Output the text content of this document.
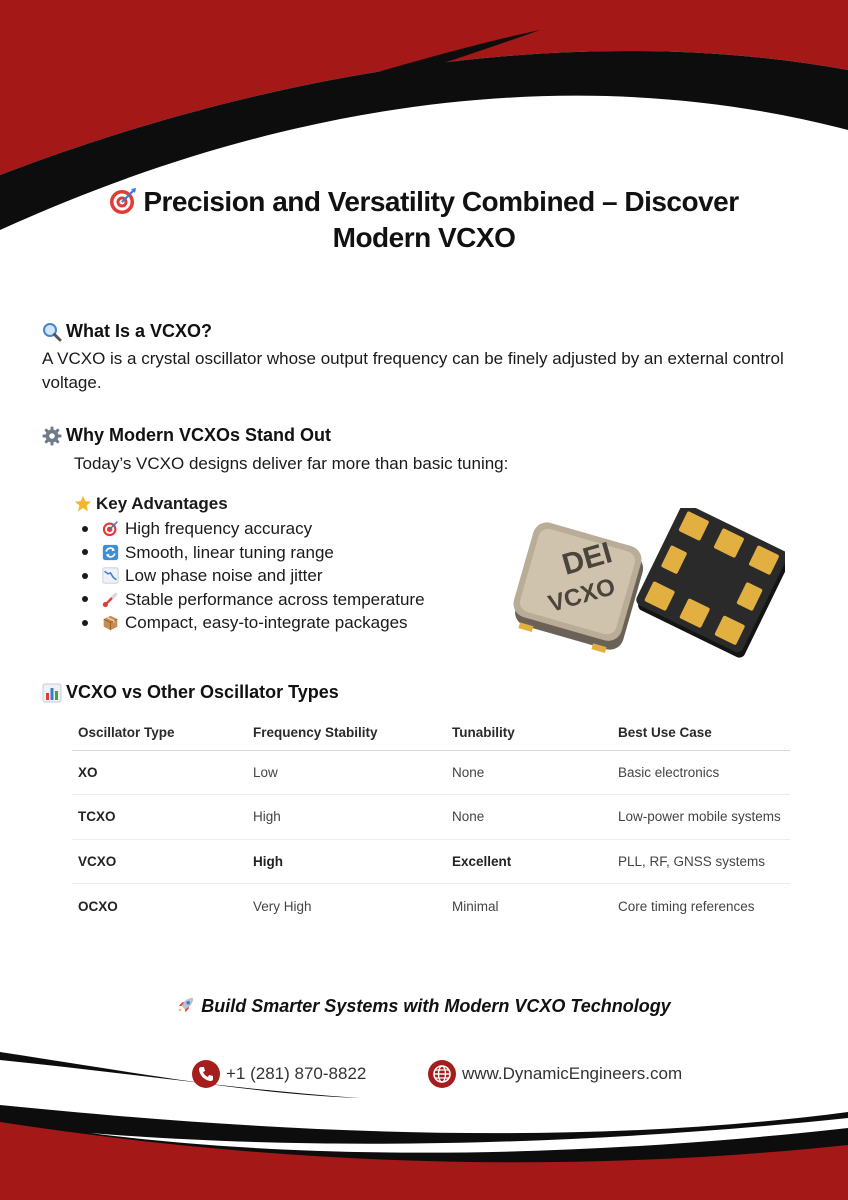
Precision and Versatility Combined – Discover Modern VCXO
What Is a VCXO?

A VCXO is a crystal oscillator whose output frequency can be finely adjusted by an external control voltage.

Why Modern VCXOs Stand Out

Today’s VCXO designs deliver far more than basic tuning:

Key Advantages
High frequency accuracy
Smooth, linear tuning range
Low phase noise and jitter
Stable performance across temperature
Compact, easy-to-integrate packages
DEI
VCXO
VCXO vs Other Oscillator Types
Oscillator Type	Frequency Stability	Tunability	Best Use Case
XO	Low	None	Basic electronics
TCXO	High	None	Low-power mobile systems
VCXO	High	Excellent	PLL, RF, GNSS systems
OCXO	Very High	Minimal	Core timing references
Build Smarter Systems with Modern VCXO Technology
+1 (281) 870-8822	www.DynamicEngineers.com
